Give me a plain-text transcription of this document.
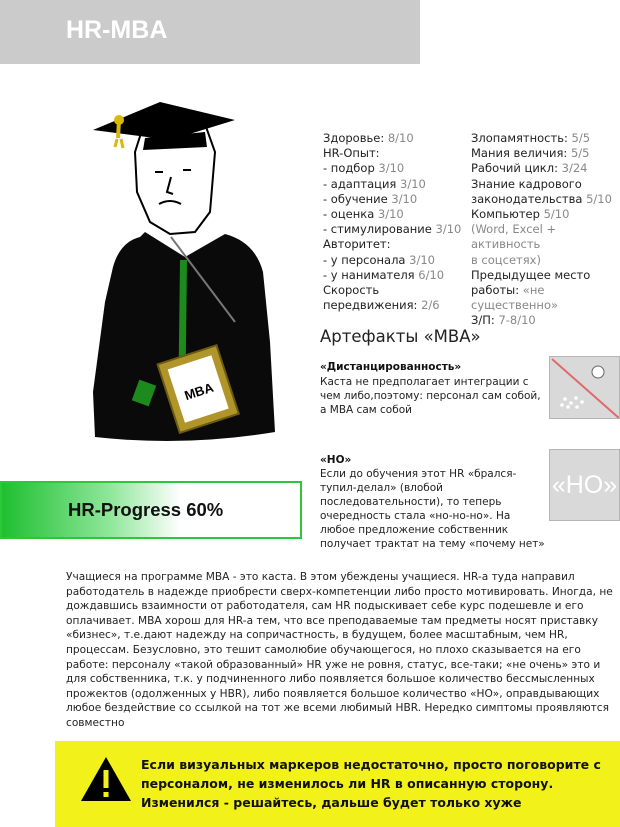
HR-MBA
MBA
Здоровье: 8/10
HR-Опыт:
- подбор 3/10
- адаптация 3/10
- обучение 3/10
- оценка 3/10
- стимулирование 3/10
Авторитет:
- у персонала 3/10
- у нанимателя 6/10
Скорость
передвижения: 2/6
Злопамятность: 5/5
Мания величия: 5/5
Рабочий цикл: 3/24
Знание кадрового
законодательства 5/10
Компьютер 5/10
(Word, Excel + активность
в соцсетях)
Предыдущее место
работы: «не существенно»
З/П: 7-8/10
Артефакты «МВА»
«Дистанцированность»
Каста не предполагает интеграции с чем либо,поэтому: персонал сам собой, а МВА сам собой
«НО»
Если до обучения этот HR «брался-тупил-делал» (влобой последовательности), то теперь очередность стала «но-но-но». На любое предложение собственник получает трактат на тему «почему нет»
«НО»
HR-Progress 60%
Учащиеся на программе МВА - это каста. В этом убеждены учащиеся. HR-а туда направил работодатель в надежде приобрести сверх-компетенции либо просто мотивировать. Иногда, не дождавшись взаимности от работодателя, сам HR подыскивает себе курс подешевле и его оплачивает. МВА хорош для HR-а тем, что все преподаваемые там предметы носят приставку «бизнес», т.е.дают надежду на сопричастность, в будущем, более масштабным, чем HR, процессам. Безусловно, это тешит самолюбие обучающегося, но плохо сказывается на его работе: персоналу «такой образованный» HR уже не ровня, статус, все-таки; «не очень» это и для собственника, т.к. у подчиненного либо появляется большое количество бессмысленных прожектов (одолженных у HBR), либо появляется большое количество «НО», оправдывающих любое бездействие со ссылкой на тот же всеми любимый HBR. Нередко симптомы проявляются совместно
Если визуальных маркеров недостаточно, просто поговорите с персоналом, не изменилось ли HR в описанную сторону. Изменился - решайтесь, дальше будет только хуже
